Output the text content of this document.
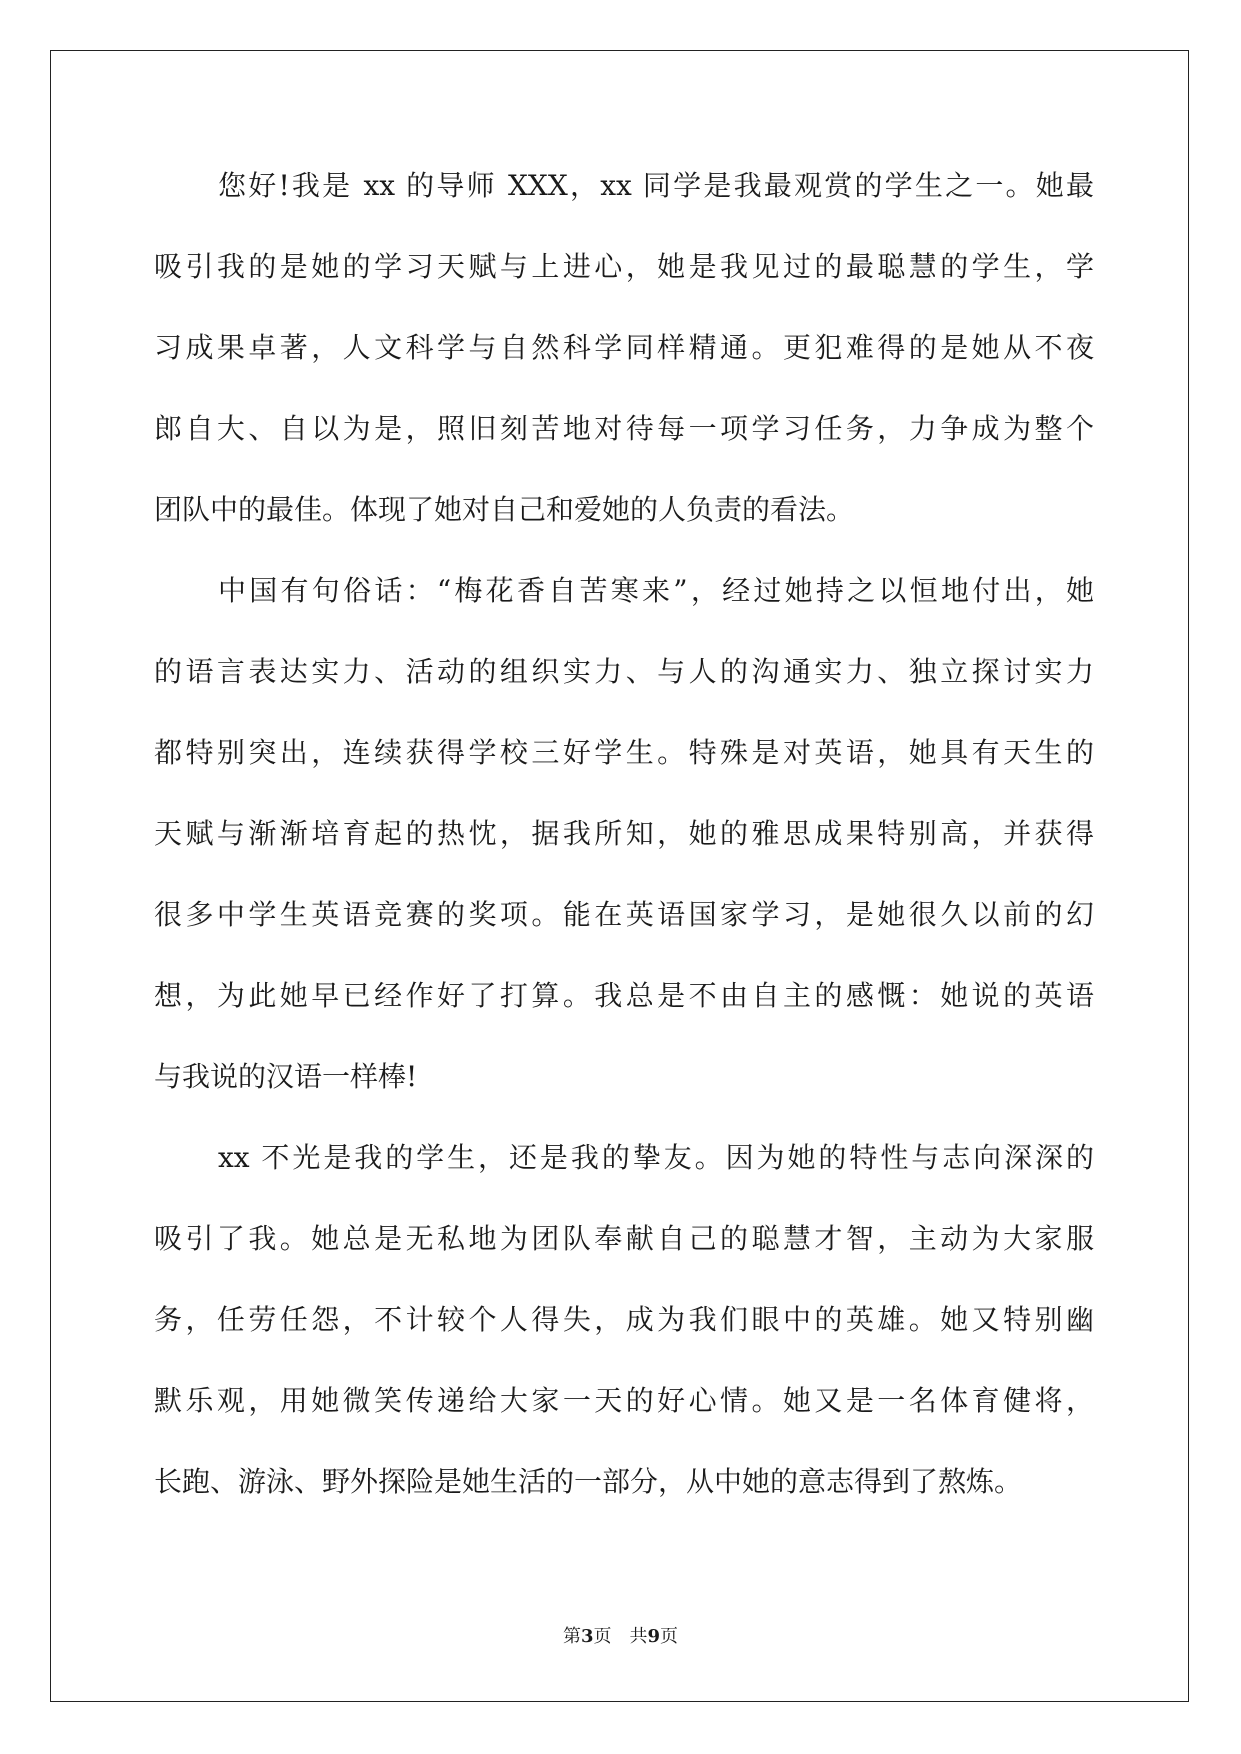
您好!我是 xx 的导师 XXX，xx 同学是我最观赏的学生之一。她最
吸引我的是她的学习天赋与上进心，她是我见过的最聪慧的学生，学
习成果卓著，人文科学与自然科学同样精通。更犯难得的是她从不夜
郎自大、自以为是，照旧刻苦地对待每一项学习任务，力争成为整个
团队中的最佳。体现了她对自己和爱她的人负责的看法。
中国有句俗话：“梅花香自苦寒来”，经过她持之以恒地付出，她
的语言表达实力、活动的组织实力、与人的沟通实力、独立探讨实力
都特别突出，连续获得学校三好学生。特殊是对英语，她具有天生的
天赋与渐渐培育起的热忱，据我所知，她的雅思成果特别高，并获得
很多中学生英语竞赛的奖项。能在英语国家学习，是她很久以前的幻
想，为此她早已经作好了打算。我总是不由自主的感慨：她说的英语
与我说的汉语一样棒!
xx 不光是我的学生，还是我的挚友。因为她的特性与志向深深的
吸引了我。她总是无私地为团队奉献自己的聪慧才智，主动为大家服
务，任劳任怨，不计较个人得失，成为我们眼中的英雄。她又特别幽
默乐观，用她微笑传递给大家一天的好心情。她又是一名体育健将，
长跑、游泳、野外探险是她生活的一部分，从中她的意志得到了熬炼。
第3页 共9页
